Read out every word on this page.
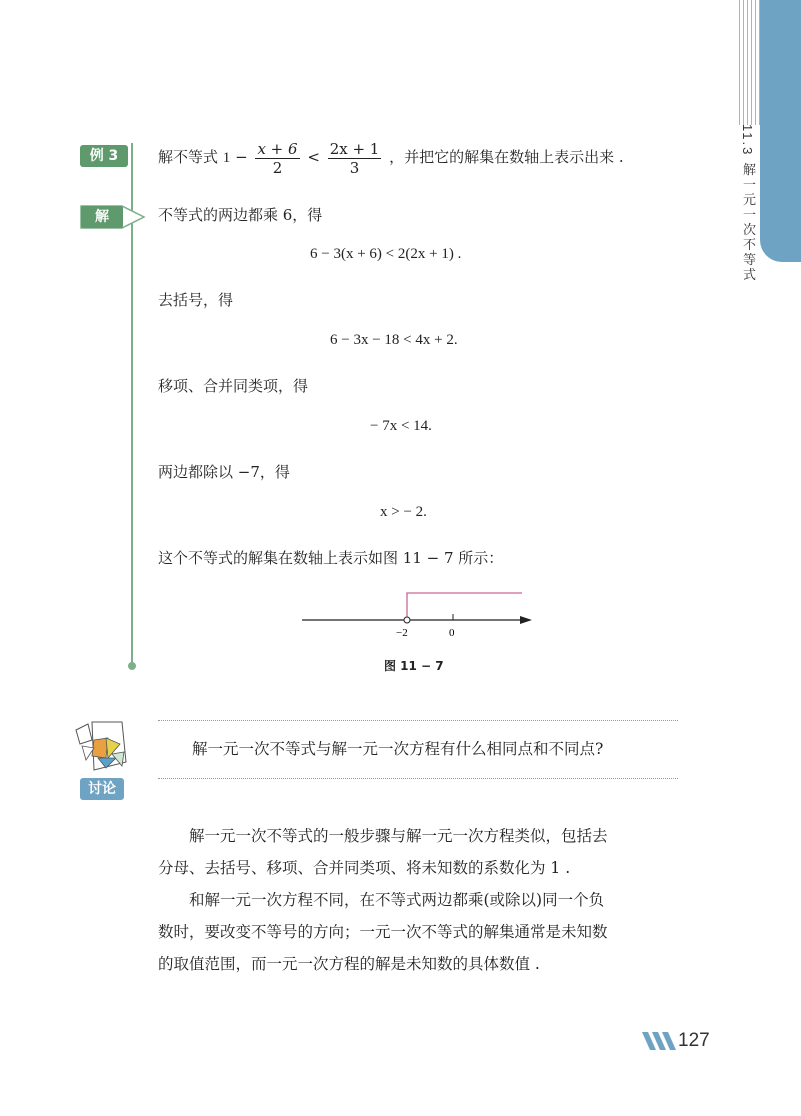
11.3 解一元一次不等式
例 3	解不等式 $1 - \frac{x + 6}{2} < \frac{2x + 1}{3}$ ，并把它的解集在数轴上表示出来 .
解	不等式的两边都乘 6，得
6 − 3(x + 6) < 2(2x + 1) .
去括号，得
6 − 3x − 18 < 4x + 2.
移项、合并同类项，得
− 7x < 14.
两边都除以 −7，得
x > − 2.
这个不等式的解集在数轴上表示如图 11 − 7 所示：
−2	0
图 11 − 7
讨论
解一元一次不等式与解一元一次方程有什么相同点和不同点?
解一元一次不等式的一般步骤与解一元一次方程类似，包括去
分母、去括号、移项、合并同类项、将未知数的系数化为 1 .
和解一元一次方程不同，在不等式两边都乘(或除以)同一个负
数时，要改变不等号的方向；一元一次不等式的解集通常是未知数
的取值范围，而一元一次方程的解是未知数的具体数值 .
127
